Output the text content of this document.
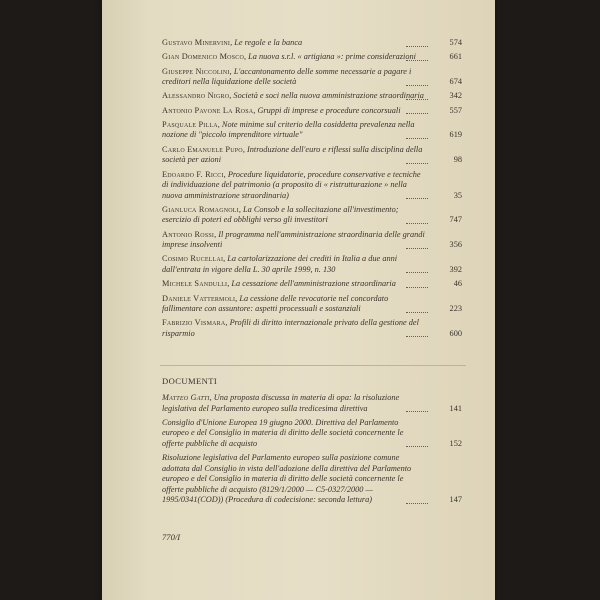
Gustavo Minervini, Le regole e la banca	574
Gian Domenico Mosco, La nuova s.r.l. « artigiana »: prime considerazioni	661
Giuseppe Niccolini, L'accantonamento delle somme necessarie a pagare i creditori nella liquidazione delle società	674
Alessandro Nigro, Società e soci nella nuova amministrazione straordinaria	342
Antonio Pavone La Rosa, Gruppi di imprese e procedure concorsuali	557
Pasquale Pilla, Note minime sul criterio della cosiddetta prevalenza nella nozione di "piccolo imprenditore virtuale"	619
Carlo Emanuele Pupo, Introduzione dell'euro e riflessi sulla disciplina della società per azioni	98
Edoardo F. Ricci, Procedure liquidatorie, procedure conservative e tecniche di individuazione del patrimonio (a proposito di « ristrutturazione » nella nuova amministrazione straordinaria)	35
Gianluca Romagnoli, La Consob e la sollecitazione all'investimento; esercizio di poteri ed obblighi verso gli investitori	747
Antonio Rossi, Il programma nell'amministrazione straordinaria delle grandi imprese insolventi	356
Cosimo Rucellai, La cartolarizzazione dei crediti in Italia a due anni dall'entrata in vigore della L. 30 aprile 1999, n. 130	392
Michele Sandulli, La cessazione dell'amministrazione straordinaria	46
Daniele Vattermoli, La cessione delle revocatorie nel concordato fallimentare con assuntore: aspetti processuali e sostanziali	223
Fabrizio Vismara, Profili di diritto internazionale privato della gestione del risparmio	600
DOCUMENTI
Matteo Gatti, Una proposta discussa in materia di opa: la risoluzione legislativa del Parlamento europeo sulla tredicesima direttiva	141
Consiglio d'Unione Europea 19 giugno 2000. Direttiva del Parlamento europeo e del Consiglio in materia di diritto delle società concernente le offerte pubbliche di acquisto	152
Risoluzione legislativa del Parlamento europeo sulla posizione comune adottata dal Consiglio in vista dell'adozione della direttiva del Parlamento europeo e del Consiglio in materia di diritto delle società concernente le offerte pubbliche di acquisto (8129/1/2000 — C5-0327/2000 — 1995/0341(COD)) (Procedura di codecisione: seconda lettura)	147
770/I
